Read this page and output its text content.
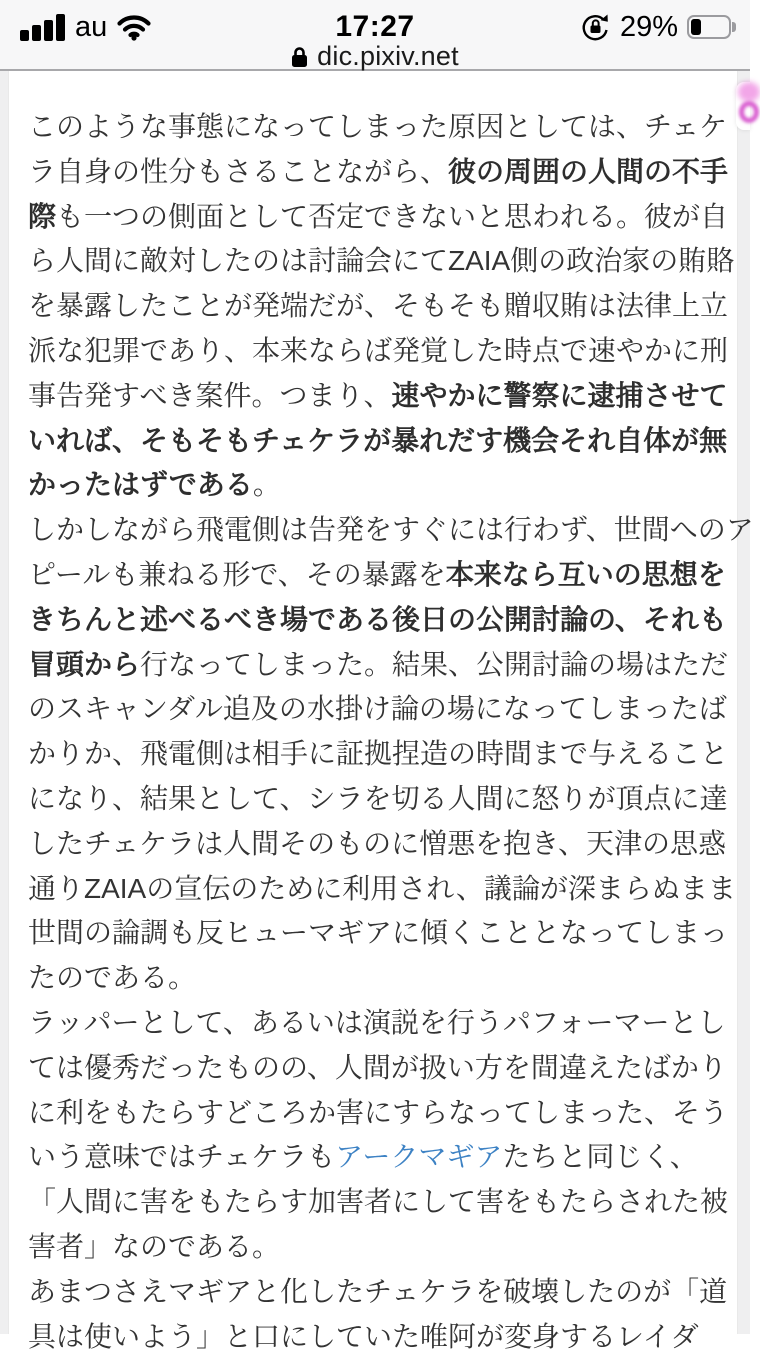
au	17:27	29%
dic.pixiv.net

このような事態になってしまった原因としては、チェケ
ラ自身の性分もさることながら、彼の周囲の人間の不手
際も一つの側面として否定できないと思われる。彼が自
ら人間に敵対したのは討論会にてZAIA側の政治家の賄賂
を暴露したことが発端だが、そもそも贈収賄は法律上立
派な犯罪であり、本来ならば発覚した時点で速やかに刑
事告発すべき案件。つまり、速やかに警察に逮捕させて
いれば、そもそもチェケラが暴れだす機会それ自体が無
かったはずである。

しかしながら飛電側は告発をすぐには行わず、世間へのア
ピールも兼ねる形で、その暴露を本来なら互いの思想を
きちんと述べるべき場である後日の公開討論の、それも
冒頭から行なってしまった。結果、公開討論の場はただ
のスキャンダル追及の水掛け論の場になってしまったば
かりか、飛電側は相手に証拠捏造の時間まで与えること
になり、結果として、シラを切る人間に怒りが頂点に達
したチェケラは人間そのものに憎悪を抱き、天津の思惑
通りZAIAの宣伝のために利用され、議論が深まらぬまま
世間の論調も反ヒューマギアに傾くこととなってしまっ
たのである。

ラッパーとして、あるいは演説を行うパフォーマーとし
ては優秀だったものの、人間が扱い方を間違えたばかり
に利をもたらすどころか害にすらなってしまった、そう
いう意味ではチェケラもアークマギアたちと同じく、
「人間に害をもたらす加害者にして害をもたらされた被
害者」なのである。

あまつさえマギアと化したチェケラを破壊したのが「道
具は使いよう」と口にしていた唯阿が変身するレイダ
